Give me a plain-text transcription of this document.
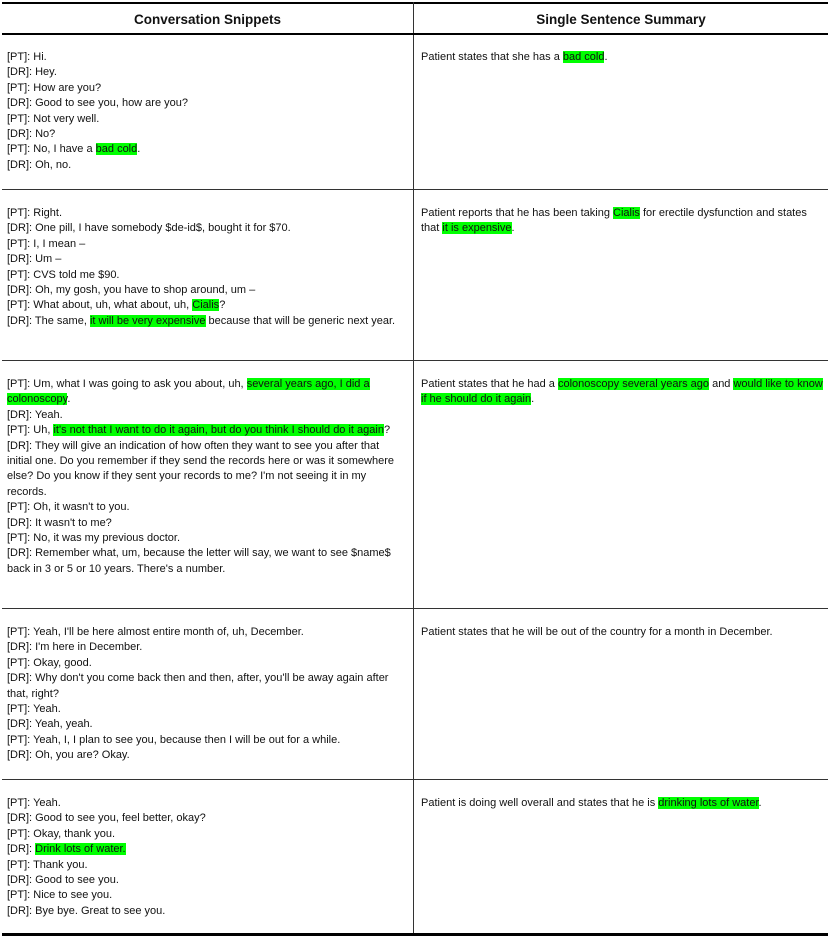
Conversation Snippets	Single Sentence Summary
[PT]: Hi.
[DR]: Hey.
[PT]: How are you?
[DR]: Good to see you, how are you?
[PT]: Not very well.
[DR]: No?
[PT]: No, I have a bad cold.
[DR]: Oh, no.
Patient states that she has a bad cold.
[PT]: Right.
[DR]: One pill, I have somebody $de-id$, bought it for $70.
[PT]: I, I mean –
[DR]: Um –
[PT]: CVS told me $90.
[DR]: Oh, my gosh, you have to shop around, um –
[PT]: What about, uh, what about, uh, Cialis?
[DR]: The same, it will be very expensive because that will be generic next year.
Patient reports that he has been taking Cialis for erectile dysfunction and states that it is expensive.
[PT]: Um, what I was going to ask you about, uh, several years ago, I did a colonoscopy.
[DR]: Yeah.
[PT]: Uh, it's not that I want to do it again, but do you think I should do it again?
[DR]: They will give an indication of how often they want to see you after that initial one. Do you remember if they send the records here or was it somewhere else? Do you know if they sent your records to me? I'm not seeing it in my records.
[PT]: Oh, it wasn't to you.
[DR]: It wasn't to me?
[PT]: No, it was my previous doctor.
[DR]: Remember what, um, because the letter will say, we want to see $name$ back in 3 or 5 or 10 years. There's a number.
Patient states that he had a colonoscopy several years ago and would like to know if he should do it again.
[PT]: Yeah, I'll be here almost entire month of, uh, December.
[DR]: I'm here in December.
[PT]: Okay, good.
[DR]: Why don't you come back then and then, after, you'll be away again after that, right?
[PT]: Yeah.
[DR]: Yeah, yeah.
[PT]: Yeah, I, I plan to see you, because then I will be out for a while.
[DR]: Oh, you are? Okay.
Patient states that he will be out of the country for a month in December.
[PT]: Yeah.
[DR]: Good to see you, feel better, okay?
[PT]: Okay, thank you.
[DR]: Drink lots of water.
[PT]: Thank you.
[DR]: Good to see you.
[PT]: Nice to see you.
[DR]: Bye bye. Great to see you.
Patient is doing well overall and states that he is drinking lots of water.
